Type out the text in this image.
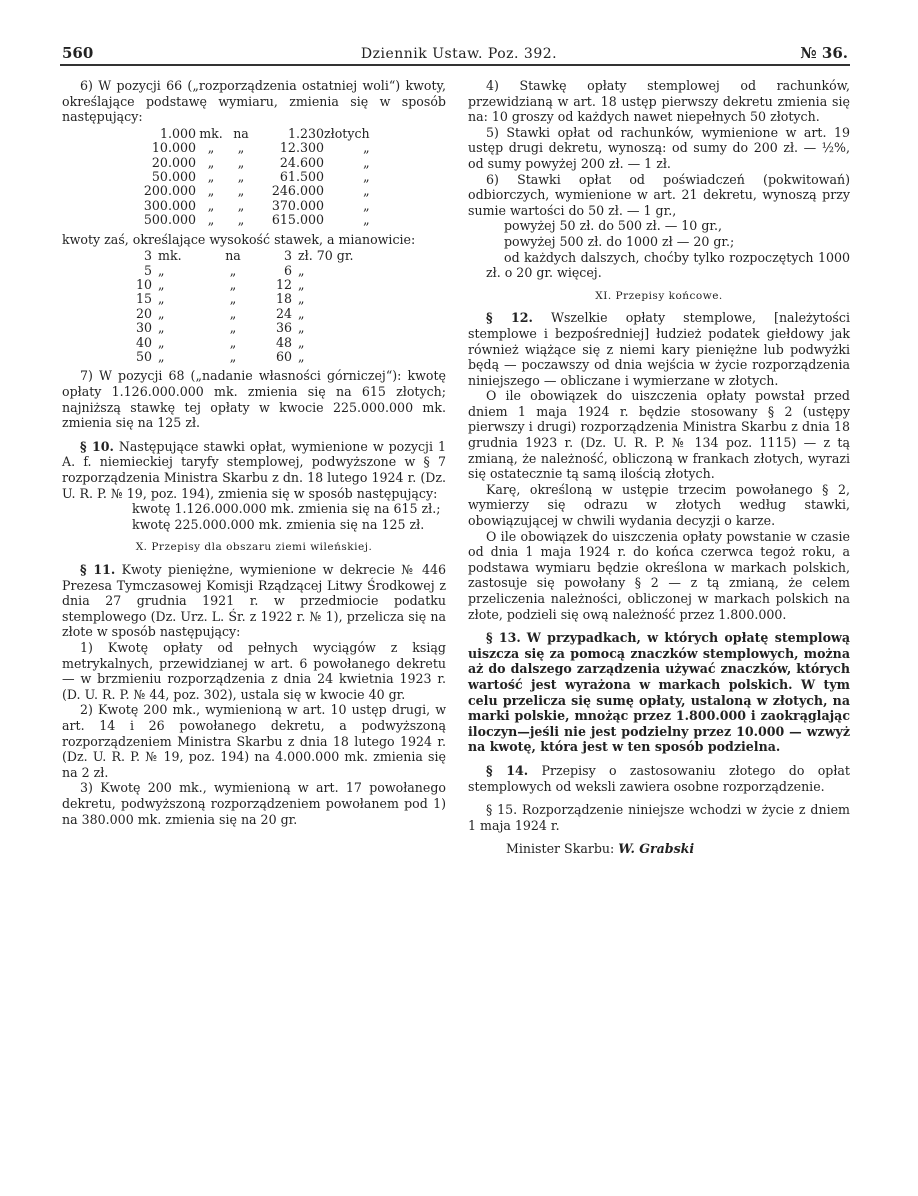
560	Dziennik Ustaw. Poz. 392.	№ 36.

6) W pozycji 66 („rozporządzenia ostatniej woli“) kwoty, określające podstawę wymiaru, zmienia się w sposób następujący:

1.000	mk.	na	1.230	złotych
10.000	„	„	12.300	„
20.000	„	„	24.600	„
50.000	„	„	61.500	„
200.000	„	„	246.000	„
300.000	„	„	370.000	„
500.000	„	„	615.000	„

kwoty zaś, określające wysokość stawek, a mianowicie:

3	mk.	na	3	zł. 70 gr.
5	„	„	6	„
10	„	„	12	„
15	„	„	18	„
20	„	„	24	„
30	„	„	36	„
40	„	„	48	„
50	„	„	60	„

7) W pozycji 68 („nadanie własności górniczej“): kwotę opłaty 1.126.000.000 mk. zmienia się na 615 złotych; najniższą stawkę tej opłaty w kwocie 225.000.000 mk. zmienia się na 125 zł.

§ 10. Następujące stawki opłat, wymienione w pozycji 1 A. f. niemieckiej taryfy stemplowej, podwyższone w § 7 rozporządzenia Ministra Skarbu z dn. 18 lutego 1924 r. (Dz. U. R. P. № 19, poz. 194), zmienia się w sposób następujący:

kwotę 1.126.000.000 mk. zmienia się na 615 zł.;

kwotę 225.000.000 mk. zmienia się na 125 zł.

X. Przepisy dla obszaru ziemi wileńskiej.

§ 11. Kwoty pieniężne, wymienione w dekrecie № 446 Prezesa Tymczasowej Komisji Rządzącej Litwy Środkowej z dnia 27 grudnia 1921 r. w przedmiocie podatku stemplowego (Dz. Urz. L. Śr. z 1922 r. № 1), przelicza się na złote w sposób następujący:

1) Kwotę opłaty od pełnych wyciągów z ksiąg metrykalnych, przewidzianej w art. 6 powołanego dekretu — w brzmieniu rozporządzenia z dnia 24 kwietnia 1923 r. (D. U. R. P. № 44, poz. 302), ustala się w kwocie 40 gr.

2) Kwotę 200 mk., wymienioną w art. 10 ustęp drugi, w art. 14 i 26 powołanego dekretu, a podwyższoną rozporządzeniem Ministra Skarbu z dnia 18 lutego 1924 r. (Dz. U. R. P. № 19, poz. 194) na 4.000.000 mk. zmienia się na 2 zł.

3) Kwotę 200 mk., wymienioną w art. 17 powołanego dekretu, podwyższoną rozporządzeniem powołanem pod 1) na 380.000 mk. zmienia się na 20 gr.

4) Stawkę opłaty stemplowej od rachunków, przewidzianą w art. 18 ustęp pierwszy dekretu zmienia się na: 10 groszy od każdych nawet niepełnych 50 złotych.

5) Stawki opłat od rachunków, wymienione w art. 19 ustęp drugi dekretu, wynoszą: od sumy do 200 zł. — ½%, od sumy powyżej 200 zł. — 1 zł.

6) Stawki opłat od poświadczeń (pokwitowań) odbiorczych, wymienione w art. 21 dekretu, wynoszą przy sumie wartości do 50 zł. — 1 gr.,

powyżej 50 zł. do 500 zł. — 10 gr.,

powyżej 500 zł. do 1000 zł — 20 gr.;

od każdych dalszych, choćby tylko rozpoczętych 1000 zł. o 20 gr. więcej.

XI. Przepisy końcowe.

§ 12. Wszelkie opłaty stemplowe, [należytości stemplowe i bezpośredniej] łudzież podatek giełdowy jak również wiążące się z niemi kary pieniężne lub podwyżki będą — poczawszy od dnia wejścia w życie rozporządzenia niniejszego — obliczane i wymierzane w złotych.

O ile obowiązek do uiszczenia opłaty powstał przed dniem 1 maja 1924 r. będzie stosowany § 2 (ustępy pierwszy i drugi) rozporządzenia Ministra Skarbu z dnia 18 grudnia 1923 r. (Dz. U. R. P. № 134 poz. 1115) — z tą zmianą, że należność, obliczoną w frankach złotych, wyrazi się ostatecznie tą samą ilością złotych.

Karę, określoną w ustępie trzecim powołanego § 2, wymierzy się odrazu w złotych według stawki, obowiązującej w chwili wydania decyzji o karze.

O ile obowiązek do uiszczenia opłaty powstanie w czasie od dnia 1 maja 1924 r. do końca czerwca tegoż roku, a podstawa wymiaru będzie określona w markach polskich, zastosuje się powołany § 2 — z tą zmianą, że celem przeliczenia należności, obliczonej w markach polskich na złote, podzieli się ową należność przez 1.800.000.

§ 13. W przypadkach, w których opłatę stemplową uiszcza się za pomocą znaczków stemplowych, można aż do dalszego zarządzenia używać znaczków, których wartość jest wyrażona w markach polskich. W tym celu przelicza się sumę opłaty, ustaloną w złotych, na marki polskie, mnożąc przez 1.800.000 i zaokrąglając iloczyn—jeśli nie jest podzielny przez 10.000 — wzwyż na kwotę, która jest w ten sposób podzielna.

§ 14. Przepisy o zastosowaniu złotego do opłat stemplowych od weksli zawiera osobne rozporządzenie.

§ 15. Rozporządzenie niniejsze wchodzi w życie z dniem 1 maja 1924 r.

Minister Skarbu: W. Grabski
